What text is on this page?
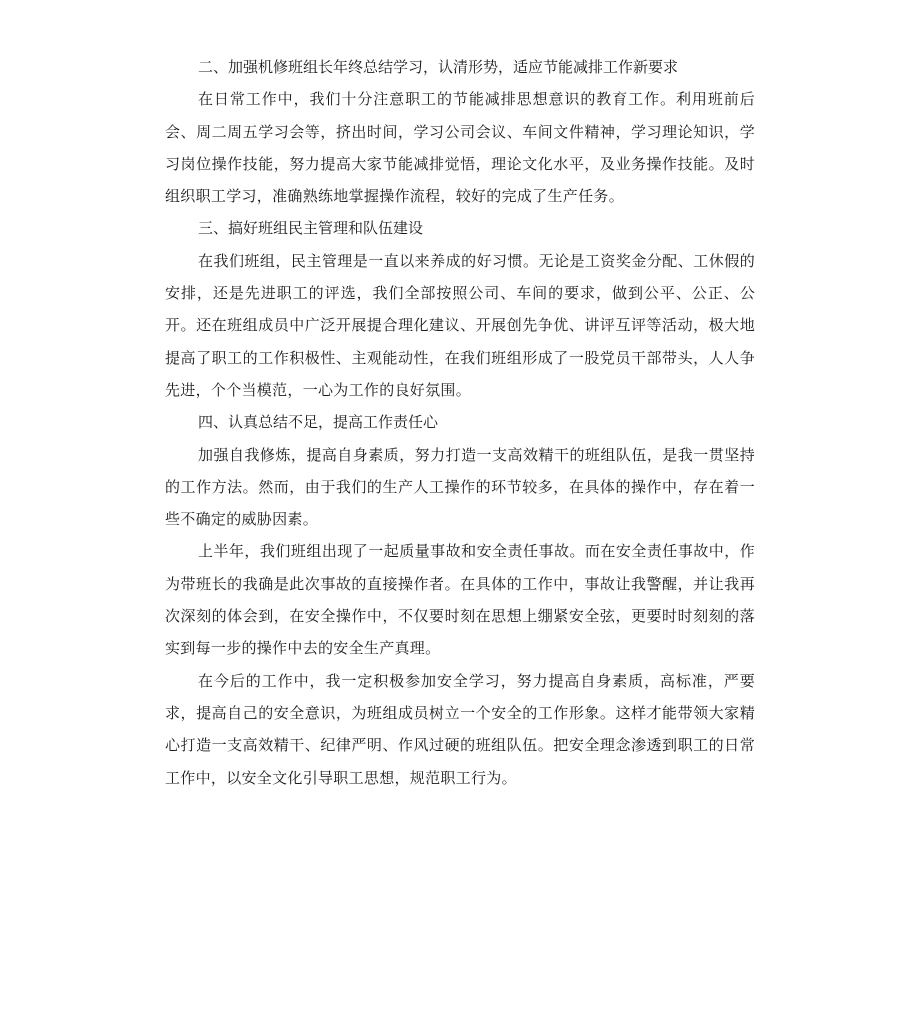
二、加强机修班组长年终总结学习，认清形势，适应节能减排工作新要求

在日常工作中，我们十分注意职工的节能减排思想意识的教育工作。利用班前后会、周二周五学习会等，挤出时间，学习公司会议、车间文件精神，学习理论知识，学习岗位操作技能，努力提高大家节能减排觉悟，理论文化水平，及业务操作技能。及时组织职工学习，准确熟练地掌握操作流程，较好的完成了生产任务。

三、搞好班组民主管理和队伍建设

在我们班组，民主管理是一直以来养成的好习惯。无论是工资奖金分配、工休假的安排，还是先进职工的评选，我们全部按照公司、车间的要求，做到公平、公正、公开。还在班组成员中广泛开展提合理化建议、开展创先争优、讲评互评等活动，极大地提高了职工的工作积极性、主观能动性，在我们班组形成了一股党员干部带头，人人争先进，个个当模范，一心为工作的良好氛围。

四、认真总结不足，提高工作责任心

加强自我修炼，提高自身素质，努力打造一支高效精干的班组队伍，是我一贯坚持的工作方法。然而，由于我们的生产人工操作的环节较多，在具体的操作中，存在着一些不确定的威胁因素。

上半年，我们班组出现了一起质量事故和安全责任事故。而在安全责任事故中，作为带班长的我确是此次事故的直接操作者。在具体的工作中，事故让我警醒，并让我再次深刻的体会到，在安全操作中，不仅要时刻在思想上绷紧安全弦，更要时时刻刻的落实到每一步的操作中去的安全生产真理。

在今后的工作中，我一定积极参加安全学习，努力提高自身素质，高标准，严要求，提高自己的安全意识，为班组成员树立一个安全的工作形象。这样才能带领大家精心打造一支高效精干、纪律严明、作风过硬的班组队伍。把安全理念渗透到职工的日常工作中，以安全文化引导职工思想，规范职工行为。
